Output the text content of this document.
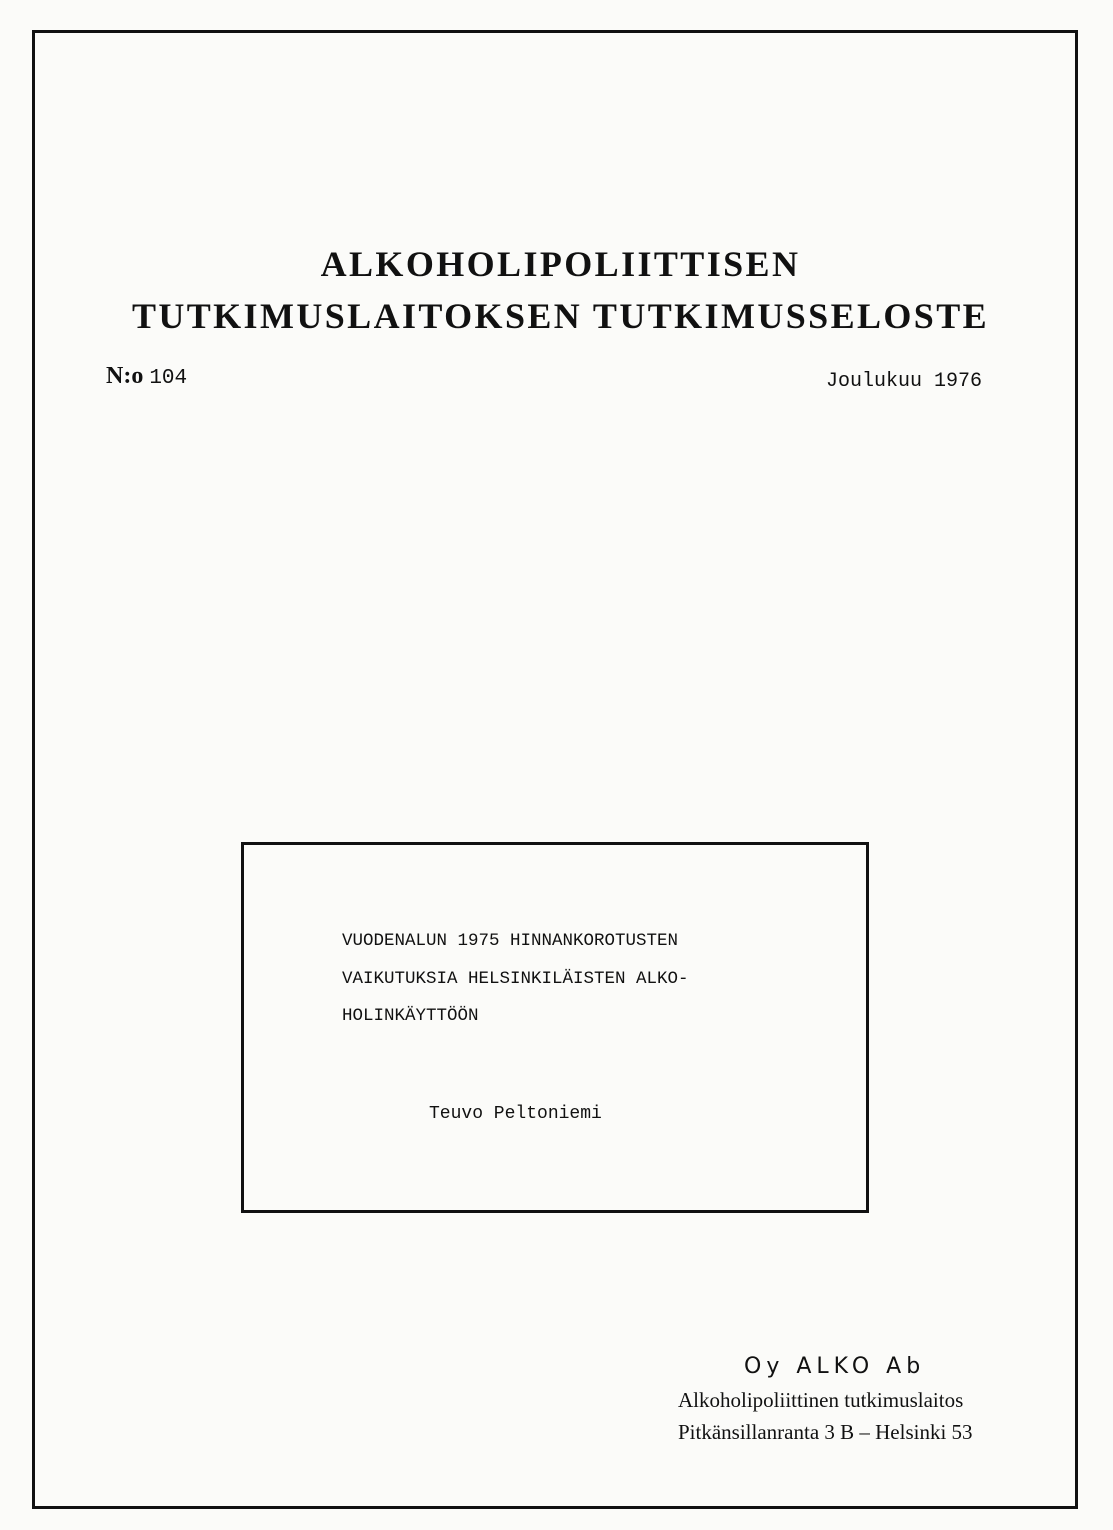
ALKOHOLIPOLIITTISEN
TUTKIMUSLAITOKSEN TUTKIMUSSELOSTE
N:o 104	Joulukuu 1976
VUODENALUN 1975 HINNANKOROTUSTEN
VAIKUTUKSIA HELSINKILÄISTEN ALKO-
HOLINKÄYTTÖÖN
Teuvo Peltoniemi
Oy ALKO Ab
Alkoholipoliittinen tutkimuslaitos
Pitkänsillanranta 3 B – Helsinki 53
